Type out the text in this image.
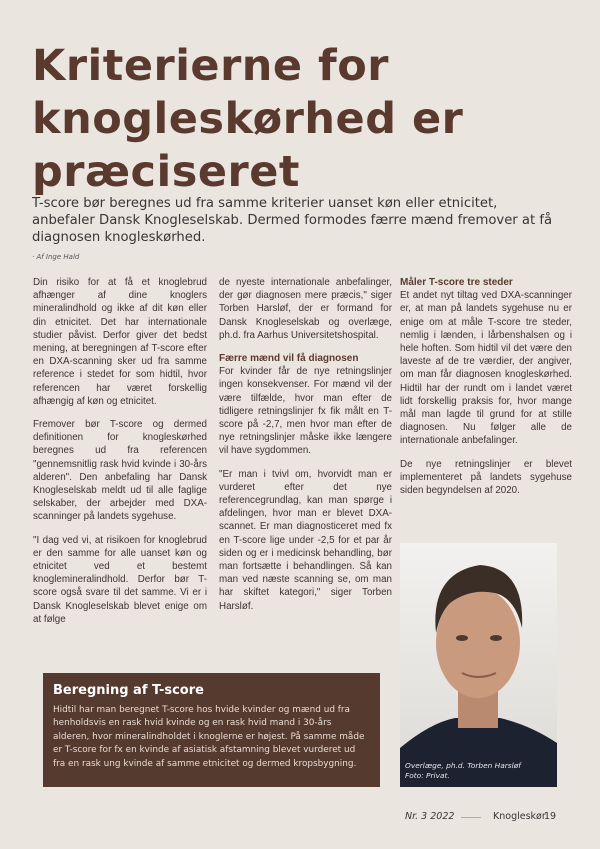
Kriterierne for knogleskørhed er præciseret
T-score bør beregnes ud fra samme kriterier uanset køn eller etnicitet, anbefaler Dansk Knogleselskab. Dermed formodes færre mænd fremover at få diagnosen knogleskørhed.
· Af Inge Hald

Din risiko for at få et knoglebrud afhænger af dine knoglers mineralindhold og ikke af dit køn eller din etnicitet. Det har internationale studier påvist. Derfor giver det bedst mening, at beregningen af T-score efter en DXA-scanning sker ud fra samme reference i stedet for som hidtil, hvor referencen har været forskellig afhængig af køn og etnicitet.

Fremover bør T-score og dermed definitionen for knogleskørhed beregnes ud fra referencen "gennemsnitlig rask hvid kvinde i 30-års alderen". Den anbefaling har Dansk Knogleselskab meldt ud til alle faglige selskaber, der arbejder med DXA-scanninger på landets sygehuse.

"I dag ved vi, at risikoen for knoglebrud er den samme for alle uanset køn og etnicitet ved et bestemt knoglemineralindhold. Derfor bør T-score også svare til det samme. Vi er i Dansk Knogleselskab blevet enige om at følge

de nyeste internationale anbefalinger, der gør diagnosen mere præcis," siger Torben Harsløf, der er formand for Dansk Knogleselskab og overlæge, ph.d. fra Aarhus Universitetshospital.

Færre mænd vil få diagnosen

For kvinder får de nye retningslinjer ingen konsekvenser. For mænd vil der være tilfælde, hvor man efter de tidligere retningslinjer fx fik målt en T-score på -2,7, men hvor man efter de nye retningslinjer måske ikke længere vil have sygdommen.

"Er man i tvivl om, hvorvidt man er vurderet efter det nye referencegrundlag, kan man spørge i afdelingen, hvor man er blevet DXA-scannet. Er man diagnosticeret med fx en T-score lige under -2,5 for et par år siden og er i medicinsk behandling, bør man fortsætte i behandlingen. Så kan man ved næste scanning se, om man har skiftet kategori," siger Torben Harsløf.

Måler T-score tre steder

Et andet nyt tiltag ved DXA-scanninger er, at man på landets sygehuse nu er enige om at måle T-score tre steder, nemlig i lænden, i lårbenshalsen og i hele hoften. Som hidtil vil det være den laveste af de tre værdier, der angiver, om man får diagnosen knogleskørhed. Hidtil har der rundt om i landet været lidt forskellig praksis for, hvor mange mål man lagde til grund for at stille diagnosen. Nu følger alle de internationale anbefalinger.

De nye retningslinjer er blevet implementeret på landets sygehuse siden begyndelsen af 2020.

Beregning af T-score

Hidtil har man beregnet T-score hos hvide kvinder og mænd ud fra henholdsvis en rask hvid kvinde og en rask hvid mand i 30-års alderen, hvor mineralindholdet i knoglerne er højest. På samme måde er T-score for fx en kvinde af asiatisk afstamning blevet vurderet ud fra en rask ung kvinde af samme etnicitet og dermed kropsbygning.	Overlæge, ph.d. Torben Harsløf
Foto: Privat.
Nr. 3 2022	Knogleskør
19
